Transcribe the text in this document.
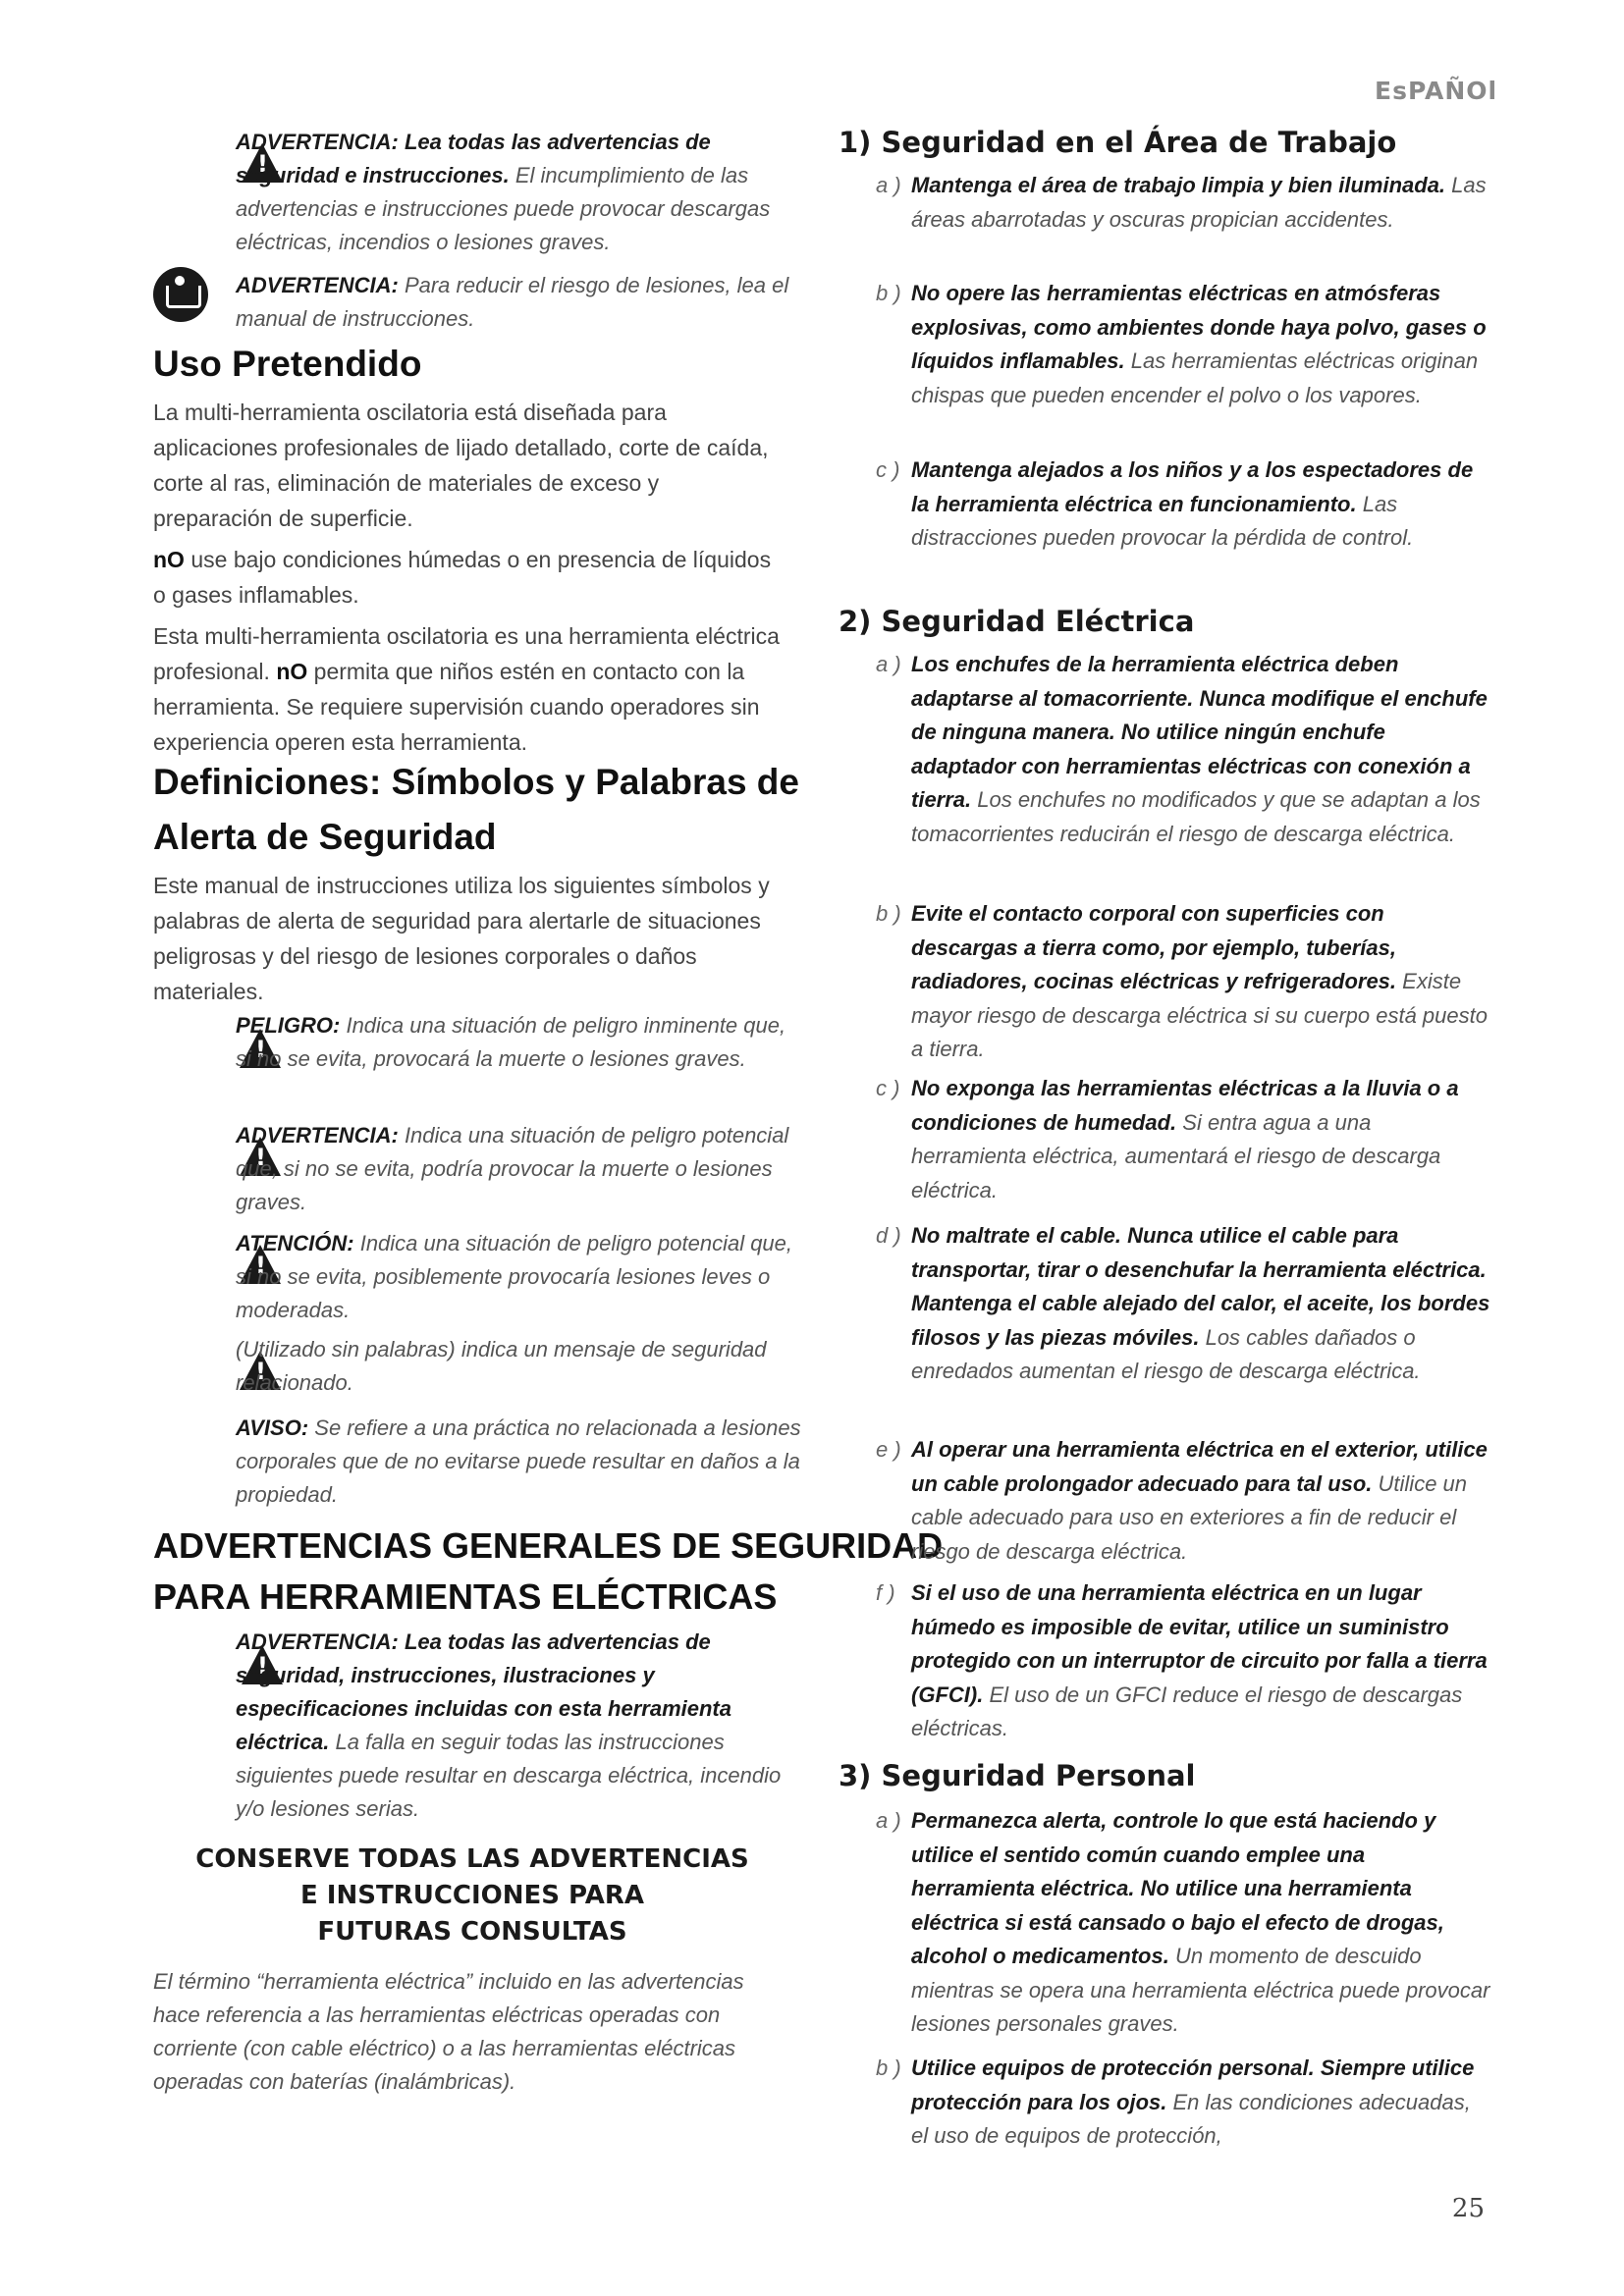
EsPAÑOl
25
!

ADVERTENCIA: Lea todas las advertencias de seguridad e instrucciones. El incumplimiento de las advertencias e instrucciones puede provocar descargas eléctricas, incendios o lesiones graves.

ADVERTENCIA: Para reducir el riesgo de lesiones, lea el manual de instrucciones.

Uso Pretendido

La multi-herramienta oscilatoria está diseñada para aplicaciones profesionales de lijado detallado, corte de caída, corte al ras, eliminación de materiales de exceso y preparación de superficie.

nO use bajo condiciones húmedas o en presencia de líquidos o gases inflamables.

Esta multi-herramienta oscilatoria es una herramienta eléctrica profesional. nO permita que niños estén en contacto con la herramienta. Se requiere supervisión cuando operadores sin experiencia operen esta herramienta.

Definiciones: Símbolos y Palabras de
Alerta de Seguridad

Este manual de instrucciones utiliza los siguientes símbolos y palabras de alerta de seguridad para alertarle de situaciones peligrosas y del riesgo de lesiones corporales o daños materiales.

!

PELIGRO: Indica una situación de peligro inminente que, si no se evita, provocará la muerte o lesiones graves.

!

ADVERTENCIA: Indica una situación de peligro potencial que, si no se evita, podría provocar la muerte o lesiones graves.

!

ATENCIÓN: Indica una situación de peligro potencial que, si no se evita, posiblemente provocaría lesiones leves o moderadas.

!

(Utilizado sin palabras) indica un mensaje de seguridad relacionado.

AVISO: Se refiere a una práctica no relacionada a lesiones corporales que de no evitarse puede resultar en daños a la propiedad.

ADVERTENCIAS GENERALES DE SEGURIDAD
PARA HERRAMIENTAS ELÉCTRICAS
!

ADVERTENCIA: Lea todas las advertencias de seguridad, instrucciones, ilustraciones y especificaciones incluidas con esta herramienta eléctrica. La falla en seguir todas las instrucciones siguientes puede resultar en descarga eléctrica, incendio y/o lesiones serias.

CONSERVE TODAS LAS ADVERTENCIAS
E INSTRUCCIONES PARA
FUTURAS CONSULTAS

El término “herramienta eléctrica” incluido en las advertencias hace referencia a las herramientas eléctricas operadas con corriente (con cable eléctrico) o a las herramientas eléctricas operadas con baterías (inalámbricas).

1) Seguridad en el Área de Trabajo

a ) Mantenga el área de trabajo limpia y bien iluminada. Las áreas abarrotadas y oscuras propician accidentes.

b ) No opere las herramientas eléctricas en atmósferas explosivas, como ambientes donde haya polvo, gases o líquidos inflamables. Las herramientas eléctricas originan chispas que pueden encender el polvo o los vapores.

c ) Mantenga alejados a los niños y a los espectadores de la herramienta eléctrica en funcionamiento. Las distracciones pueden provocar la pérdida de control.

2) Seguridad Eléctrica

a ) Los enchufes de la herramienta eléctrica deben adaptarse al tomacorriente. Nunca modifique el enchufe de ninguna manera. No utilice ningún enchufe adaptador con herramientas eléctricas con conexión a tierra. Los enchufes no modificados y que se adaptan a los tomacorrientes reducirán el riesgo de descarga eléctrica.

b ) Evite el contacto corporal con superficies con descargas a tierra como, por ejemplo, tuberías, radiadores, cocinas eléctricas y refrigeradores. Existe mayor riesgo de descarga eléctrica si su cuerpo está puesto a tierra.

c ) No exponga las herramientas eléctricas a la lluvia o a condiciones de humedad. Si entra agua a una herramienta eléctrica, aumentará el riesgo de descarga eléctrica.

d ) No maltrate el cable. Nunca utilice el cable para transportar, tirar o desenchufar la herramienta eléctrica. Mantenga el cable alejado del calor, el aceite, los bordes filosos y las piezas móviles. Los cables dañados o enredados aumentan el riesgo de descarga eléctrica.

e ) Al operar una herramienta eléctrica en el exterior, utilice un cable prolongador adecuado para tal uso. Utilice un cable adecuado para uso en exteriores a fin de reducir el riesgo de descarga eléctrica.

f ) Si el uso de una herramienta eléctrica en un lugar húmedo es imposible de evitar, utilice un suministro protegido con un interruptor de circuito por falla a tierra (GFCI). El uso de un GFCI reduce el riesgo de descargas eléctricas.

3) Seguridad Personal

a ) Permanezca alerta, controle lo que está haciendo y utilice el sentido común cuando emplee una herramienta eléctrica. No utilice una herramienta eléctrica si está cansado o bajo el efecto de drogas, alcohol o medicamentos. Un momento de descuido mientras se opera una herramienta eléctrica puede provocar lesiones personales graves.

b ) Utilice equipos de protección personal. Siempre utilice protección para los ojos. En las condiciones adecuadas, el uso de equipos de protección,
